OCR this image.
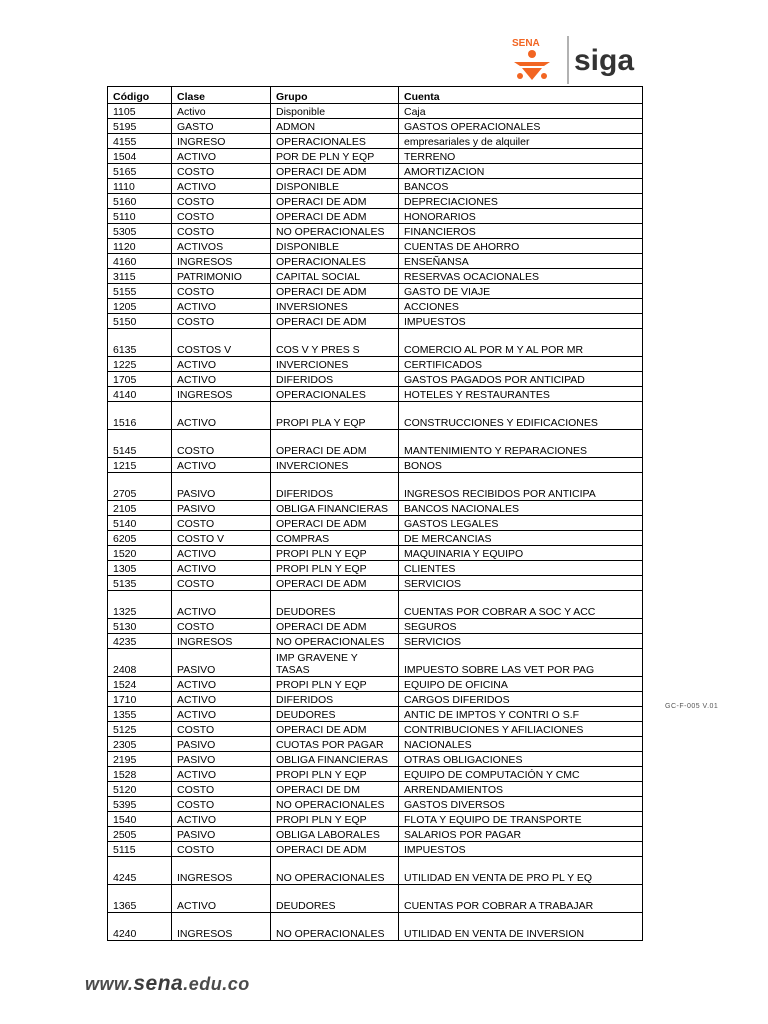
SENA
siga
Código	Clase	Grupo	Cuenta
1105	Activo	Disponible	Caja
5195	GASTO	ADMON	GASTOS OPERACIONALES
4155	INGRESO	OPERACIONALES	empresariales y de alquiler
1504	ACTIVO	POR DE PLN Y EQP	TERRENO
5165	COSTO	OPERACI DE ADM	AMORTIZACION
1110	ACTIVO	DISPONIBLE	BANCOS
5160	COSTO	OPERACI DE ADM	DEPRECIACIONES
5110	COSTO	OPERACI DE ADM	HONORARIOS
5305	COSTO	NO OPERACIONALES	FINANCIEROS
1120	ACTIVOS	DISPONIBLE	CUENTAS DE AHORRO
4160	INGRESOS	OPERACIONALES	ENSEÑANSA
3115	PATRIMONIO	CAPITAL SOCIAL	RESERVAS OCACIONALES
5155	COSTO	OPERACI DE ADM	GASTO DE VIAJE
1205	ACTIVO	INVERSIONES	ACCIONES
5150	COSTO	OPERACI DE ADM	IMPUESTOS
6135	COSTOS V	COS V Y PRES S	COMERCIO AL POR M Y AL POR MR
1225	ACTIVO	INVERCIONES	CERTIFICADOS
1705	ACTIVO	DIFERIDOS	GASTOS PAGADOS POR ANTICIPAD
4140	INGRESOS	OPERACIONALES	HOTELES Y RESTAURANTES
1516	ACTIVO	PROPI PLA Y EQP	CONSTRUCCIONES Y EDIFICACIONES
5145	COSTO	OPERACI DE ADM	MANTENIMIENTO Y REPARACIONES
1215	ACTIVO	INVERCIONES	BONOS
2705	PASIVO	DIFERIDOS	INGRESOS RECIBIDOS POR ANTICIPA
2105	PASIVO	OBLIGA FINANCIERAS	BANCOS NACIONALES
5140	COSTO	OPERACI DE ADM	GASTOS LEGALES
6205	COSTO V	COMPRAS	DE MERCANCIAS
1520	ACTIVO	PROPI PLN Y EQP	MAQUINARIA Y EQUIPO
1305	ACTIVO	PROPI PLN Y EQP	CLIENTES
5135	COSTO	OPERACI DE ADM	SERVICIOS
1325	ACTIVO	DEUDORES	CUENTAS POR COBRAR A SOC Y ACC
5130	COSTO	OPERACI DE ADM	SEGUROS
4235	INGRESOS	NO OPERACIONALES	SERVICIOS
2408	PASIVO	IMP GRAVENE Y TASAS	IMPUESTO SOBRE LAS VET POR PAG
1524	ACTIVO	PROPI PLN Y EQP	EQUIPO DE OFICINA
1710	ACTIVO	DIFERIDOS	CARGOS DIFERIDOS
1355	ACTIVO	DEUDORES	ANTIC DE IMPTOS Y CONTRI O S.F
5125	COSTO	OPERACI DE ADM	CONTRIBUCIONES Y AFILIACIONES
2305	PASIVO	CUOTAS POR PAGAR	NACIONALES
2195	PASIVO	OBLIGA FINANCIERAS	OTRAS OBLIGACIONES
1528	ACTIVO	PROPI PLN Y EQP	EQUIPO DE COMPUTACIÓN Y CMC
5120	COSTO	OPERACI DE DM	ARRENDAMIENTOS
5395	COSTO	NO OPERACIONALES	GASTOS DIVERSOS
1540	ACTIVO	PROPI PLN Y EQP	FLOTA Y EQUIPO DE TRANSPORTE
2505	PASIVO	OBLIGA LABORALES	SALARIOS POR PAGAR
5115	COSTO	OPERACI DE ADM	IMPUESTOS
4245	INGRESOS	NO OPERACIONALES	UTILIDAD EN VENTA DE PRO PL Y EQ
1365	ACTIVO	DEUDORES	CUENTAS POR COBRAR A TRABAJAR
4240	INGRESOS	NO OPERACIONALES	UTILIDAD EN VENTA DE INVERSION
GC-F-005 V.01
www.sena.edu.co
